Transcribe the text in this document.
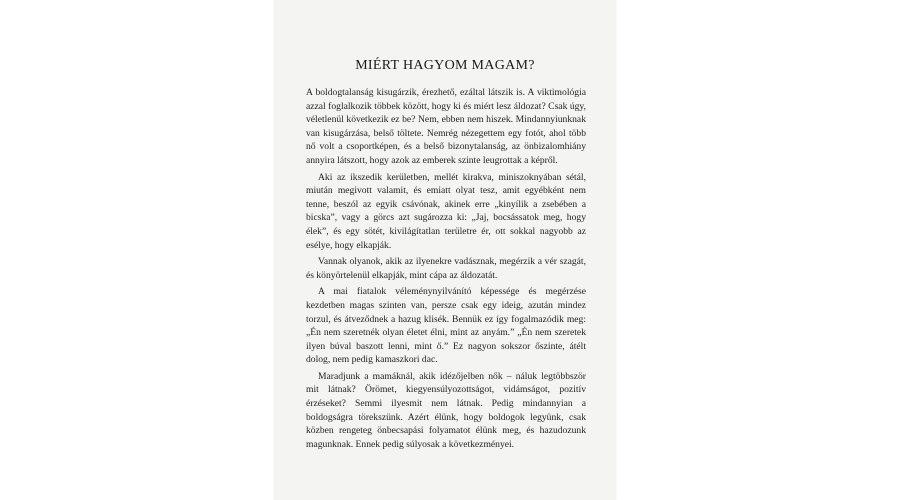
MIÉRT HAGYOM MAGAM?

A boldogtalanság kisugárzik, érezhető, ezáltal látszik is. A viktimológia azzal foglalkozik többek között, hogy ki és miért lesz áldozat? Csak úgy, véletlenül következik ez be? Nem, ebben nem hiszek. Mindannyiunknak van kisugárzása, belső töltete. Nemrég nézegettem egy fotót, ahol több nő volt a csoportképen, és a belső bizonytalanság, az önbizalomhiány annyira látszott, hogy azok az emberek szinte leugrottak a képről.

Aki az ikszedik kerületben, mellét kirakva, miniszoknyában sétál, miután megivott valamit, és emiatt olyat tesz, amit egyébként nem tenne, beszól az egyik csávónak, akinek erre „kinyílik a zsebében a bicska”, vagy a görcs azt sugározza ki: „Jaj, bocsássatok meg, hogy élek”, és egy sötét, kivilágítatlan területre ér, ott sokkal nagyobb az esélye, hogy elkapják.

Vannak olyanok, akik az ilyenekre vadásznak, megérzik a vér szagát, és könyörtelenül elkapják, mint cápa az áldozatát.

A mai fiatalok véleménynyilvánító képessége és megérzése kezdetben magas szinten van, persze csak egy ideig, azután mindez torzul, és átveződnek a hazug klisék. Bennük ez így fogalmazódik meg: „Én nem szeretnék olyan életet élni, mint az anyám.” „Én nem szeretek ilyen búval baszott lenni, mint ő.” Ez nagyon sokszor őszinte, átélt dolog, nem pedig kamaszkori dac.

Maradjunk a mamáknál, akik idézőjelben nők – náluk legtöbbször mit látnak? Örömet, kiegyensúlyozottságot, vidámságot, pozitív érzéseket? Semmi ilyesmit nem látnak. Pedig mindannyian a boldogságra törekszünk. Azért élünk, hogy boldogok legyünk, csak közben rengeteg önbecsapási folyamatot élünk meg, és hazudozunk magunknak. Ennek pedig súlyosak a következményei.
